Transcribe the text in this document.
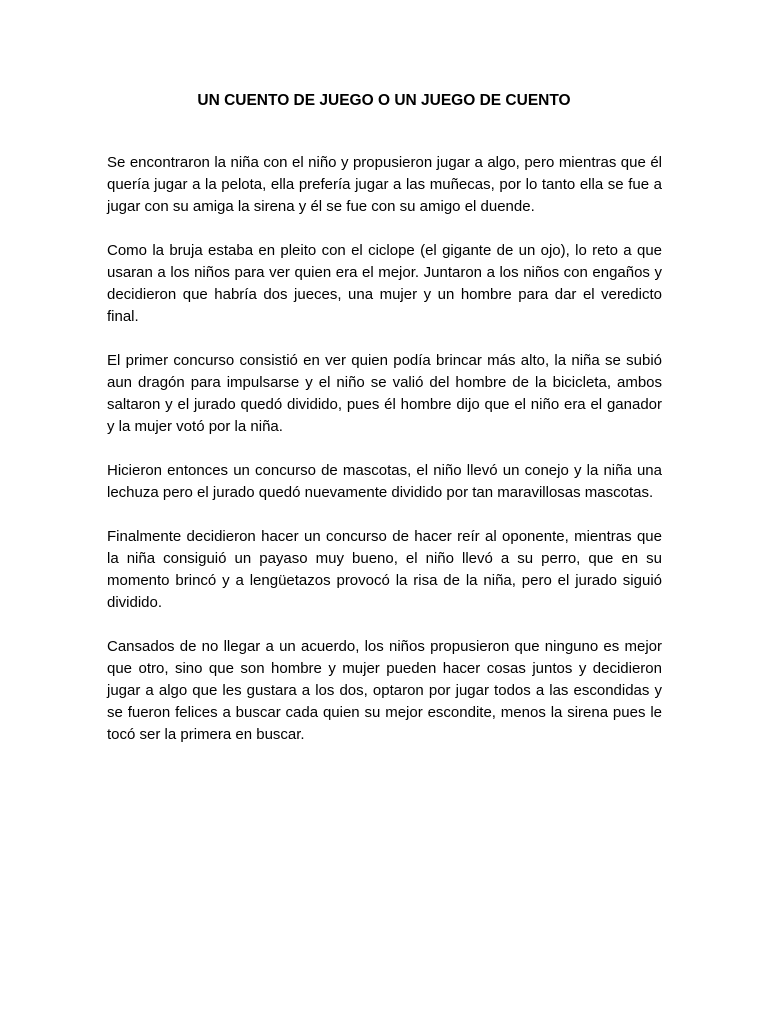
UN CUENTO DE JUEGO O UN JUEGO DE CUENTO

Se encontraron la niña con el niño y propusieron jugar a algo, pero mientras que él quería jugar a la pelota, ella prefería jugar a las muñecas, por lo tanto ella se fue a jugar con su amiga la sirena y él se fue con su amigo el duende.

Como la bruja estaba en pleito con el ciclope (el gigante de un ojo), lo reto a que usaran a los niños para ver quien era el mejor. Juntaron a los niños con engaños y decidieron que habría dos jueces, una mujer y un hombre para dar el veredicto final.

El primer concurso consistió en ver quien podía brincar más alto, la niña se subió aun dragón para impulsarse y el niño se valió del hombre de la bicicleta, ambos saltaron y el jurado quedó dividido, pues él hombre dijo que el niño era el ganador y la mujer votó por la niña.

Hicieron entonces un concurso de mascotas, el niño llevó un conejo y la niña una lechuza pero el jurado quedó nuevamente dividido por tan maravillosas mascotas.

Finalmente decidieron hacer un concurso de hacer reír al oponente, mientras que la niña consiguió un payaso muy bueno, el niño llevó a su perro, que en su momento brincó y a lengüetazos provocó la risa de la niña, pero el jurado siguió dividido.

Cansados de no llegar a un acuerdo, los niños propusieron que ninguno es mejor que otro, sino que son hombre y mujer pueden hacer cosas juntos y decidieron jugar a algo que les gustara a los dos, optaron por jugar todos a las escondidas y se fueron felices a buscar cada quien su mejor escondite, menos la sirena pues le tocó ser la primera en buscar.
